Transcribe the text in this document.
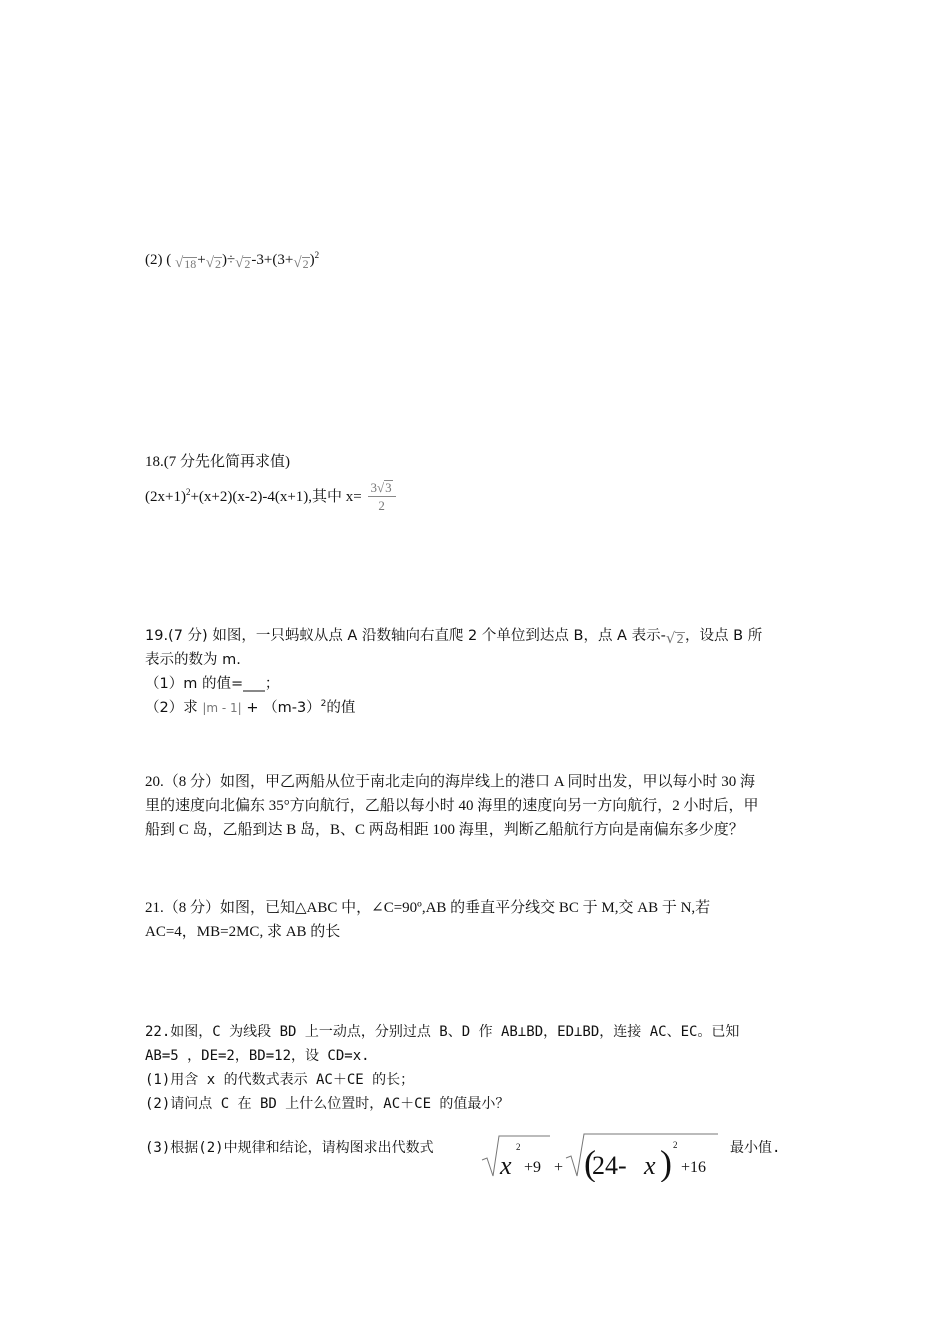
(2) ( √ 18 + √ 2 )÷ √ 2 -3+(3+ √ 2 )$^2$
18.(7 分先化简再求值)
$(2x+1)^2+(x+2)(x-2)-4(x+1)$,其中 $x= \frac{3 √ 3}{2}$
19.(7 分) 如图，一只蚂蚁从点 A 沿数轴向右直爬 2 个单位到达点 B，点 A 表示- √ 2 ，设点 B 所
表示的数为 m.
（1）m 的值=___；
（2）求 $|m - 1| + (m-3)^2$的值
20.（8 分）如图，甲乙两船从位于南北走向的海岸线上的港口 A 同时出发，甲以每小时 30 海
里的速度向北偏东 35°方向航行，乙船以每小时 40 海里的速度向另一方向航行，2 小时后，甲
船到 C 岛，乙船到达 B 岛，B、C 两岛相距 100 海里，判断乙船航行方向是南偏东多少度？
21.（8 分）如图，已知△ABC 中，∠C=90º,AB 的垂直平分线交 BC 于 M,交 AB 于 N,若
AC=4，MB=2MC, 求 AB 的长
22.如图，C 为线段 BD 上一动点，分别过点 B、D 作 AB⊥BD，ED⊥BD，连接 AC、EC。已知
AB=5 ，DE=2，BD=12，设 CD=x.
(1)用含 x 的代数式表示 AC＋CE 的长；
(2)请问点 C 在 BD 上什么位置时，AC＋CE 的值最小？
(3)根据(2)中规律和结论，请构图求出代数式
x
2
+9 + (
24- x ) 2
+16
最小值.
